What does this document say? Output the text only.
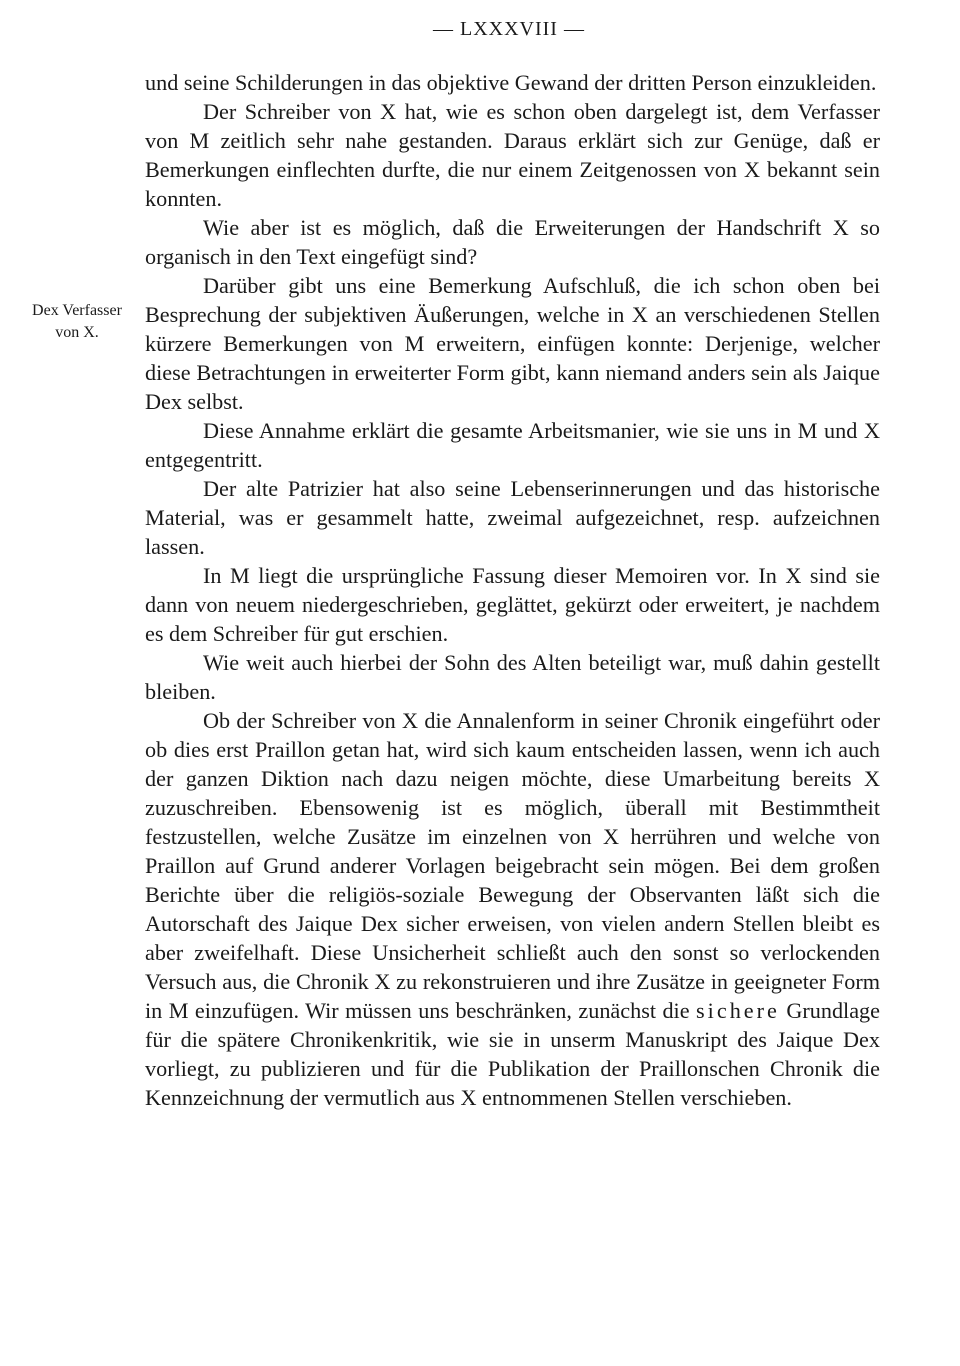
— LXXXVIII —
Dex Verfasser
von X.

und seine Schilderungen in das objektive Gewand der dritten Person einzukleiden.

Der Schreiber von X hat, wie es schon oben dargelegt ist, dem Verfasser von M zeitlich sehr nahe gestanden. Daraus erklärt sich zur Genüge, daß er Bemerkungen einflechten durfte, die nur einem Zeitgenossen von X bekannt sein konnten.

Wie aber ist es möglich, daß die Erweiterungen der Handschrift X so organisch in den Text eingefügt sind?

Darüber gibt uns eine Bemerkung Aufschluß, die ich schon oben bei Besprechung der subjektiven Äußerungen, welche in X an verschiedenen Stellen kürzere Bemerkungen von M erweitern, einfügen konnte: Derjenige, welcher diese Betrachtungen in erweiterter Form gibt, kann niemand anders sein als Jaique Dex selbst.

Diese Annahme erklärt die gesamte Arbeitsmanier, wie sie uns in M und X entgegentritt.

Der alte Patrizier hat also seine Lebenserinnerungen und das historische Material, was er gesammelt hatte, zweimal aufgezeichnet, resp. aufzeichnen lassen.

In M liegt die ursprüngliche Fassung dieser Memoiren vor. In X sind sie dann von neuem niedergeschrieben, geglättet, gekürzt oder erweitert, je nachdem es dem Schreiber für gut erschien.

Wie weit auch hierbei der Sohn des Alten beteiligt war, muß dahin gestellt bleiben.

Ob der Schreiber von X die Annalenform in seiner Chronik eingeführt oder ob dies erst Praillon getan hat, wird sich kaum entscheiden lassen, wenn ich auch der ganzen Diktion nach dazu neigen möchte, diese Umarbeitung bereits X zuzuschreiben. Ebensowenig ist es möglich, überall mit Bestimmtheit festzustellen, welche Zusätze im einzelnen von X herrühren und welche von Praillon auf Grund anderer Vorlagen beigebracht sein mögen. Bei dem großen Berichte über die religiös-soziale Bewegung der Observanten läßt sich die Autorschaft des Jaique Dex sicher erweisen, von vielen andern Stellen bleibt es aber zweifelhaft. Diese Unsicherheit schließt auch den sonst so verlockenden Versuch aus, die Chronik X zu rekonstruieren und ihre Zusätze in geeigneter Form in M einzufügen. Wir müssen uns beschränken, zunächst die sichere Grundlage für die spätere Chronikenkritik, wie sie in unserm Manuskript des Jaique Dex vorliegt, zu publizieren und für die Publikation der Praillonschen Chronik die Kennzeichnung der vermutlich aus X entnommenen Stellen verschieben.
